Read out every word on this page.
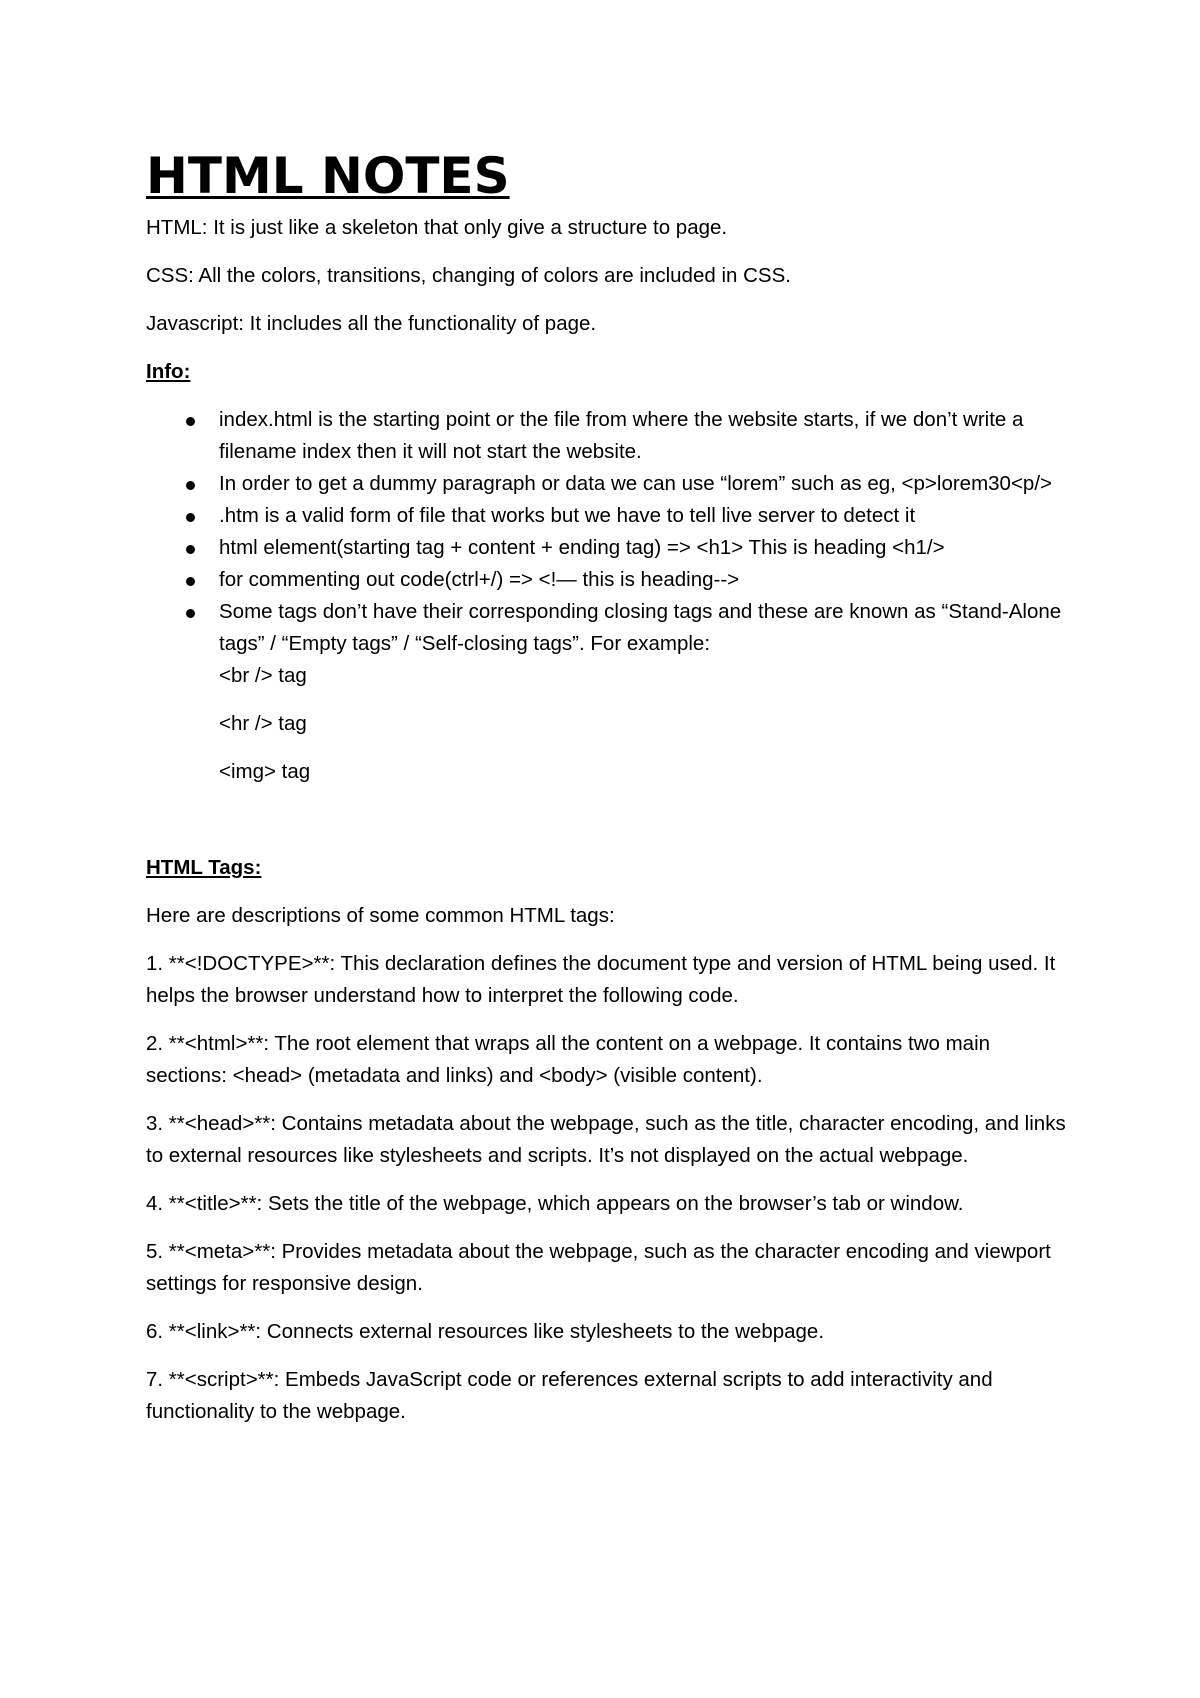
HTML NOTES

HTML: It is just like a skeleton that only give a structure to page.

CSS: All the colors, transitions, changing of colors are included in CSS.

Javascript: It includes all the functionality of page.

Info:

index.html is the starting point or the file from where the website starts, if we don’t write a filename index then it will not start the website.
In order to get a dummy paragraph or data we can use “lorem” such as eg, <p>lorem30<p/>
.htm is a valid form of file that works but we have to tell live server to detect it
html element(starting tag + content + ending tag) => <h1> This is heading <h1/>
for commenting out code(ctrl+/) => <!— this is heading-->
Some tags don’t have their corresponding closing tags and these are known as “Stand-Alone tags” / “Empty tags” / “Self-closing tags”. For example:

<br /> tag

<hr /> tag

<img> tag

HTML Tags:

Here are descriptions of some common HTML tags:

1. **<!DOCTYPE>**: This declaration defines the document type and version of HTML being used. It helps the browser understand how to interpret the following code.

2. **<html>**: The root element that wraps all the content on a webpage. It contains two main sections: <head> (metadata and links) and <body> (visible content).

3. **<head>**: Contains metadata about the webpage, such as the title, character encoding, and links to external resources like stylesheets and scripts. It’s not displayed on the actual webpage.

4. **<title>**: Sets the title of the webpage, which appears on the browser’s tab or window.

5. **<meta>**: Provides metadata about the webpage, such as the character encoding and viewport settings for responsive design.

6. **<link>**: Connects external resources like stylesheets to the webpage.

7. **<script>**: Embeds JavaScript code or references external scripts to add interactivity and functionality to the webpage.
